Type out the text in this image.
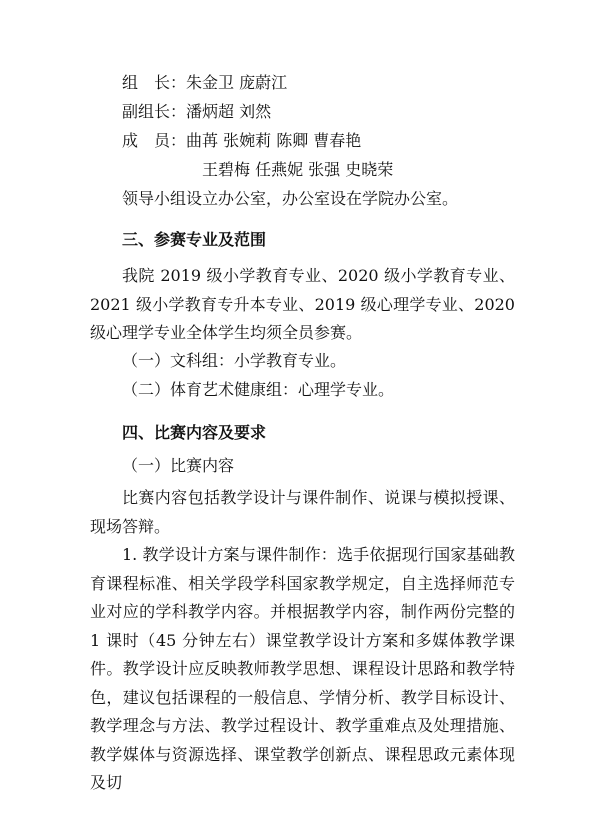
组　长：朱金卫 庞蔚江
副组长：潘炳超 刘然
成　员：曲苒 张婉莉 陈卿 曹春艳
王碧梅 任燕妮 张强 史晓荣
领导小组设立办公室，办公室设在学院办公室。
三、参赛专业及范围
我院 2019 级小学教育专业、2020 级小学教育专业、2021 级小学教育专升本专业、2019 级心理学专业、2020 级心理学专业全体学生均须全员参赛。
（一）文科组：小学教育专业。
（二）体育艺术健康组：心理学专业。
四、比赛内容及要求
（一）比赛内容
比赛内容包括教学设计与课件制作、说课与模拟授课、现场答辩。
1. 教学设计方案与课件制作：选手依据现行国家基础教育课程标准、相关学段学科国家教学规定，自主选择师范专业对应的学科教学内容。并根据教学内容，制作两份完整的 1 课时（45 分钟左右）课堂教学设计方案和多媒体教学课件。教学设计应反映教师教学思想、课程设计思路和教学特色，建议包括课程的一般信息、学情分析、教学目标设计、教学理念与方法、教学过程设计、教学重难点及处理措施、教学媒体与资源选择、课堂教学创新点、课程思政元素体现及切
